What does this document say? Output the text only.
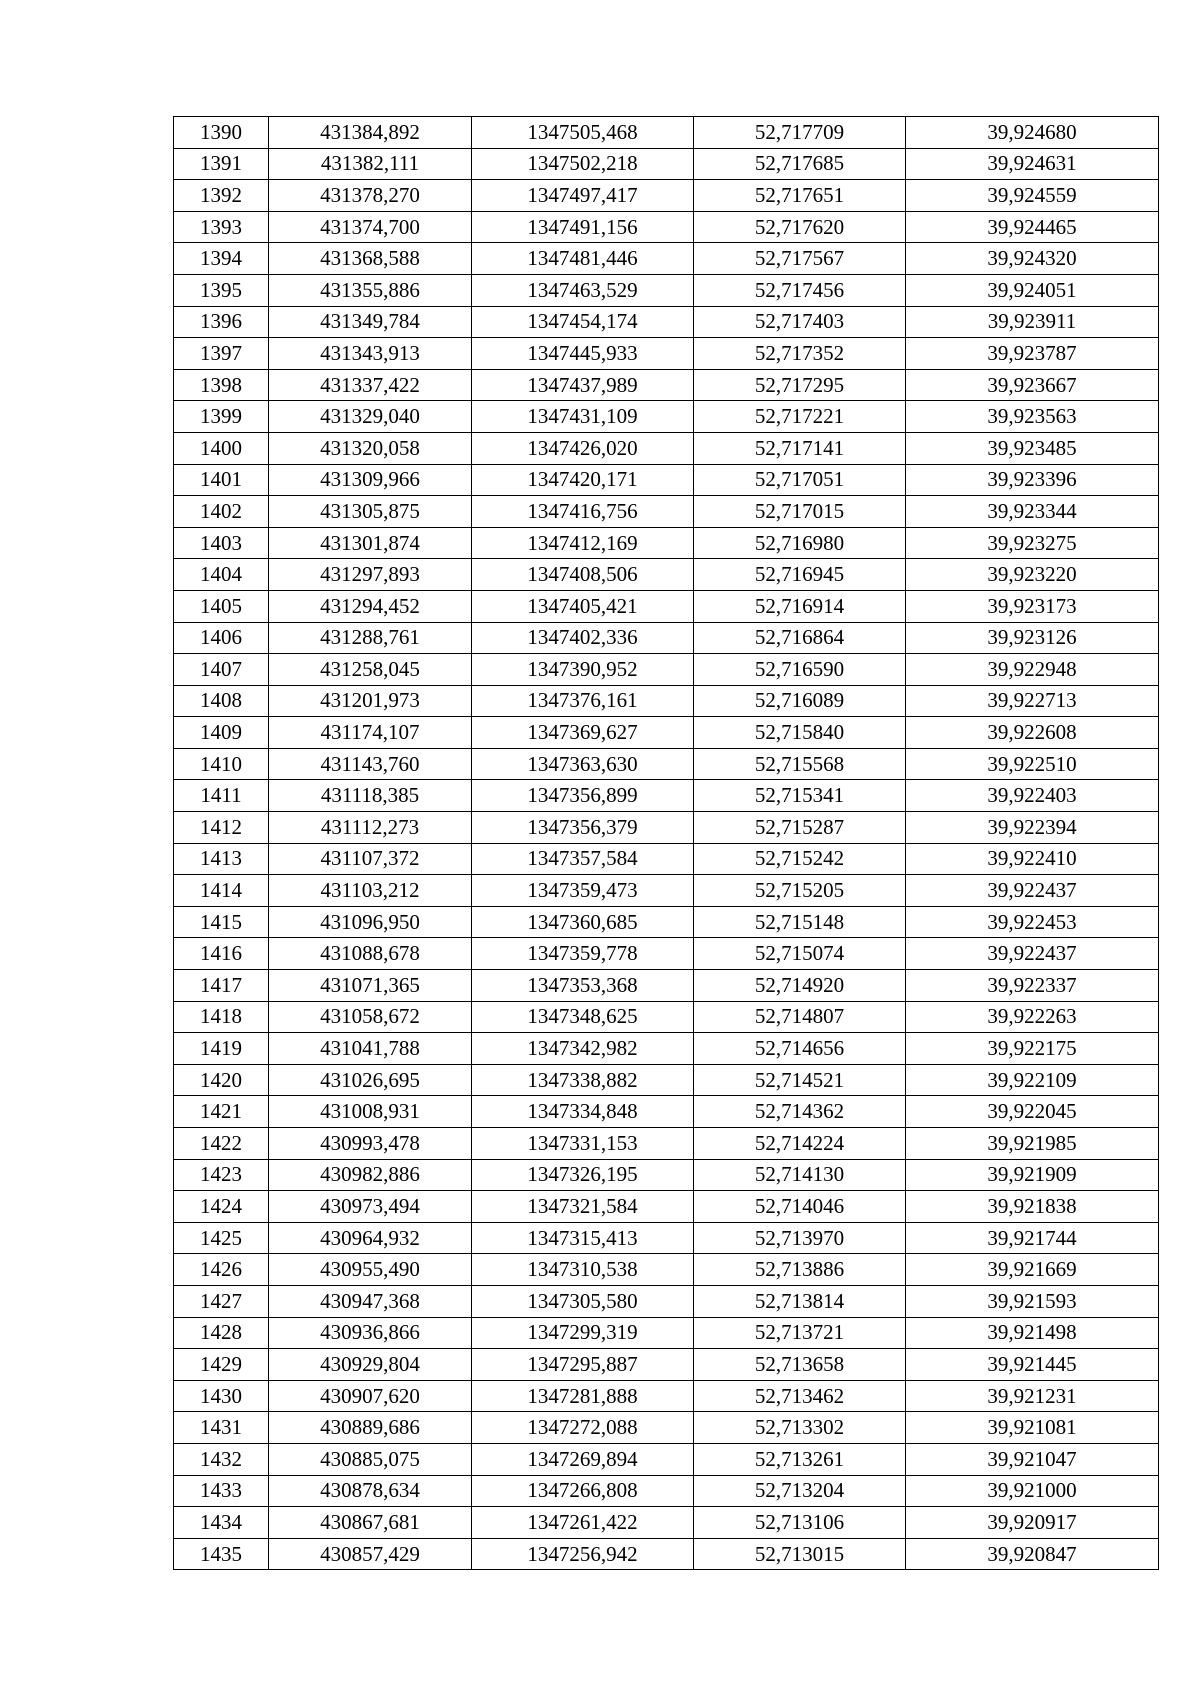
1390	431384,892	1347505,468	52,717709	39,924680
1391	431382,111	1347502,218	52,717685	39,924631
1392	431378,270	1347497,417	52,717651	39,924559
1393	431374,700	1347491,156	52,717620	39,924465
1394	431368,588	1347481,446	52,717567	39,924320
1395	431355,886	1347463,529	52,717456	39,924051
1396	431349,784	1347454,174	52,717403	39,923911
1397	431343,913	1347445,933	52,717352	39,923787
1398	431337,422	1347437,989	52,717295	39,923667
1399	431329,040	1347431,109	52,717221	39,923563
1400	431320,058	1347426,020	52,717141	39,923485
1401	431309,966	1347420,171	52,717051	39,923396
1402	431305,875	1347416,756	52,717015	39,923344
1403	431301,874	1347412,169	52,716980	39,923275
1404	431297,893	1347408,506	52,716945	39,923220
1405	431294,452	1347405,421	52,716914	39,923173
1406	431288,761	1347402,336	52,716864	39,923126
1407	431258,045	1347390,952	52,716590	39,922948
1408	431201,973	1347376,161	52,716089	39,922713
1409	431174,107	1347369,627	52,715840	39,922608
1410	431143,760	1347363,630	52,715568	39,922510
1411	431118,385	1347356,899	52,715341	39,922403
1412	431112,273	1347356,379	52,715287	39,922394
1413	431107,372	1347357,584	52,715242	39,922410
1414	431103,212	1347359,473	52,715205	39,922437
1415	431096,950	1347360,685	52,715148	39,922453
1416	431088,678	1347359,778	52,715074	39,922437
1417	431071,365	1347353,368	52,714920	39,922337
1418	431058,672	1347348,625	52,714807	39,922263
1419	431041,788	1347342,982	52,714656	39,922175
1420	431026,695	1347338,882	52,714521	39,922109
1421	431008,931	1347334,848	52,714362	39,922045
1422	430993,478	1347331,153	52,714224	39,921985
1423	430982,886	1347326,195	52,714130	39,921909
1424	430973,494	1347321,584	52,714046	39,921838
1425	430964,932	1347315,413	52,713970	39,921744
1426	430955,490	1347310,538	52,713886	39,921669
1427	430947,368	1347305,580	52,713814	39,921593
1428	430936,866	1347299,319	52,713721	39,921498
1429	430929,804	1347295,887	52,713658	39,921445
1430	430907,620	1347281,888	52,713462	39,921231
1431	430889,686	1347272,088	52,713302	39,921081
1432	430885,075	1347269,894	52,713261	39,921047
1433	430878,634	1347266,808	52,713204	39,921000
1434	430867,681	1347261,422	52,713106	39,920917
1435	430857,429	1347256,942	52,713015	39,920847
